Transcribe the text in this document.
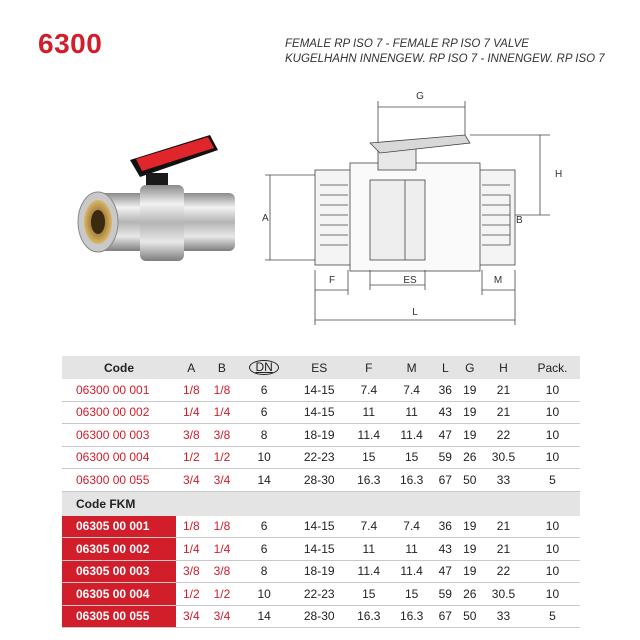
6300	FEMALE RP ISO 7 - FEMALE RP ISO 7 VALVE
KUGELHAHN INNENGEW. RP ISO 7 - INNENGEW. RP ISO 7
G
H
A	B
F	ES	M
L
Code	A	B	DN	ES	F	M	L	G	H	Pack.
06300 00 001	1/8	1/8	6	14-15	7.4	7.4	36	19	21	10
06300 00 002	1/4	1/4	6	14-15	11	11	43	19	21	10
06300 00 003	3/8	3/8	8	18-19	11.4	11.4	47	19	22	10
06300 00 004	1/2	1/2	10	22-23	15	15	59	26	30.5	10
06300 00 055	3/4	3/4	14	28-30	16.3	16.3	67	50	33	5
Code FKM										
06305 00 001	1/8	1/8	6	14-15	7.4	7.4	36	19	21	10
06305 00 002	1/4	1/4	6	14-15	11	11	43	19	21	10
06305 00 003	3/8	3/8	8	18-19	11.4	11.4	47	19	22	10
06305 00 004	1/2	1/2	10	22-23	15	15	59	26	30.5	10
06305 00 055	3/4	3/4	14	28-30	16.3	16.3	67	50	33	5
